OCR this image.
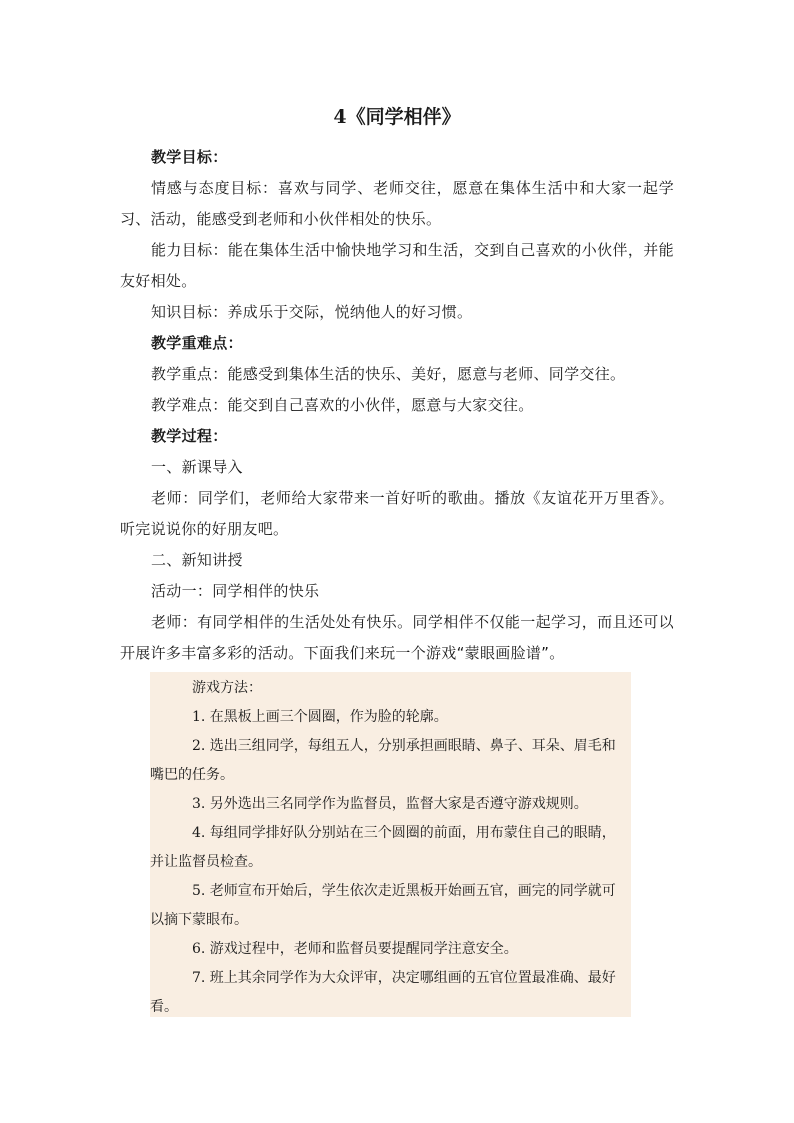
4《同学相伴》

教学目标：

情感与态度目标：喜欢与同学、老师交往，愿意在集体生活中和大家一起学习、活动，能感受到老师和小伙伴相处的快乐。

能力目标：能在集体生活中愉快地学习和生活，交到自己喜欢的小伙伴，并能友好相处。

知识目标：养成乐于交际，悦纳他人的好习惯。

教学重难点：

教学重点：能感受到集体生活的快乐、美好，愿意与老师、同学交往。

教学难点：能交到自己喜欢的小伙伴，愿意与大家交往。

教学过程：

一、新课导入

老师：同学们，老师给大家带来一首好听的歌曲。播放《友谊花开万里香》。听完说说你的好朋友吧。

二、新知讲授

活动一：同学相伴的快乐

老师：有同学相伴的生活处处有快乐。同学相伴不仅能一起学习，而且还可以开展许多丰富多彩的活动。下面我们来玩一个游戏“蒙眼画脸谱”。

游戏方法：

1. 在黑板上画三个圆圈，作为脸的轮廓。

2. 选出三组同学，每组五人，分别承担画眼睛、鼻子、耳朵、眉毛和嘴巴的任务。

3. 另外选出三名同学作为监督员，监督大家是否遵守游戏规则。

4. 每组同学排好队分别站在三个圆圈的前面，用布蒙住自己的眼睛，并让监督员检查。

5. 老师宣布开始后，学生依次走近黑板开始画五官，画完的同学就可以摘下蒙眼布。

6. 游戏过程中，老师和监督员要提醒同学注意安全。

7. 班上其余同学作为大众评审，决定哪组画的五官位置最准确、最好看。
